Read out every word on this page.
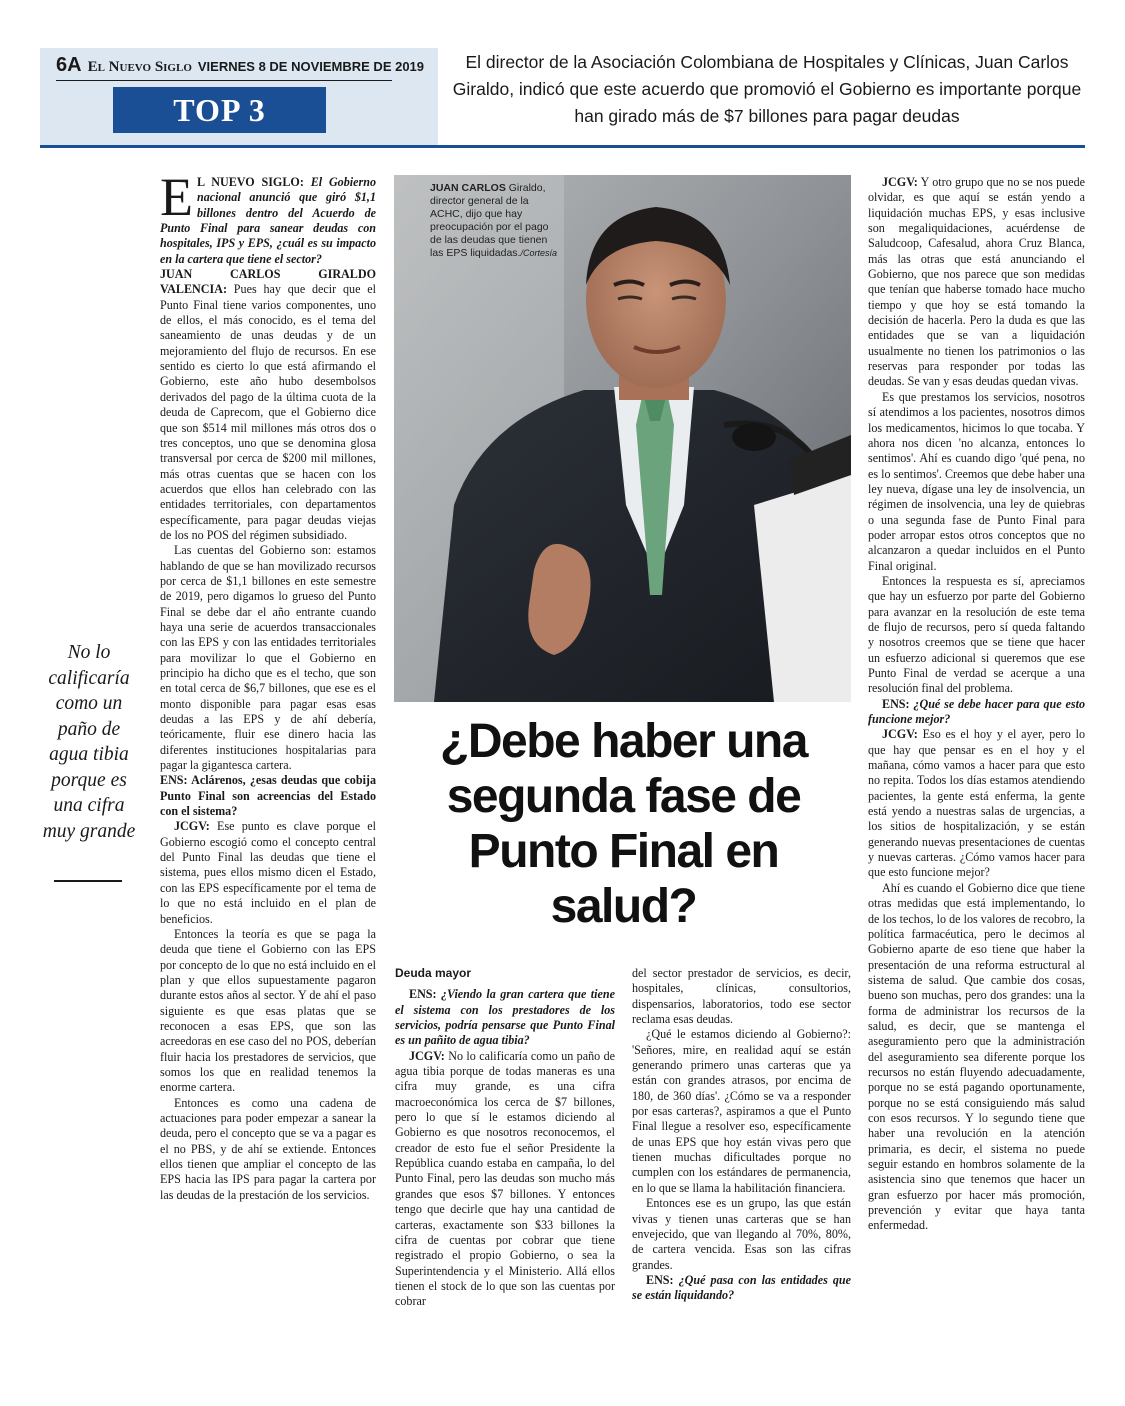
6A El Nuevo Siglo VIERNES 8 DE NOVIEMBRE DE 2019
TOP 3
El director de la Asociación Colombiana de Hospitales y Clínicas, Juan Carlos Giraldo, indicó que este acuerdo que promovió el Gobierno es importante porque han girado más de $7 billones para pagar deudas

E L NUEVO SIGLO: El Gobierno nacional anunció que giró $1,1 billones dentro del Acuerdo de Punto Final para sanear deudas con hospitales, IPS y EPS, ¿cuál es su impacto en la cartera que tiene el sector?

JUAN CARLOS GIRALDO VALENCIA: Pues hay que decir que el Punto Final tiene varios componentes, uno de ellos, el más conocido, es el tema del saneamiento de unas deudas y de un mejoramiento del flujo de recursos. En ese sentido es cierto lo que está afirmando el Gobierno, este año hubo desembolsos derivados del pago de la última cuota de la deuda de Caprecom, que el Gobierno dice que son $514 mil millones más otros dos o tres conceptos, uno que se denomina glosa transversal por cerca de $200 mil millones, más otras cuentas que se hacen con los acuerdos que ellos han celebrado con las entidades territoriales, con departamentos específicamente, para pagar deudas viejas de los no POS del régimen subsidiado.

Las cuentas del Gobierno son: estamos hablando de que se han movilizado recursos por cerca de $1,1 billones en este semestre de 2019, pero digamos lo grueso del Punto Final se debe dar el año entrante cuando haya una serie de acuerdos transaccionales con las EPS y con las entidades territoriales para movilizar lo que el Gobierno en principio ha dicho que es el techo, que son en total cerca de $6,7 billones, que ese es el monto disponible para pagar esas esas deudas a las EPS y de ahí debería, teóricamente, fluir ese dinero hacia las diferentes instituciones hospitalarias para pagar la gigantesca cartera.

ENS: Aclárenos, ¿esas deudas que cobija Punto Final son acreencias del Estado con el sistema?

JCGV: Ese punto es clave porque el Gobierno escogió como el concepto central del Punto Final las deudas que tiene el sistema, pues ellos mismo dicen el Estado, con las EPS específicamente por el tema de lo que no está incluido en el plan de beneficios.

Entonces la teoría es que se paga la deuda que tiene el Gobierno con las EPS por concepto de lo que no está incluido en el plan y que ellos supuestamente pagaron durante estos años al sector. Y de ahí el paso siguiente es que esas platas que se reconocen a esas EPS, que son las acreedoras en ese caso del no POS, deberían fluir hacia los prestadores de servicios, que somos los que en realidad tenemos la enorme cartera.

Entonces es como una cadena de actuaciones para poder empezar a sanear la deuda, pero el concepto que se va a pagar es el no PBS, y de ahí se extiende. Entonces ellos tienen que ampliar el concepto de las EPS hacia las IPS para pagar la cartera por las deudas de la prestación de los servicios.

No lo calificaría como un paño de agua tibia porque es una cifra muy grande
JUAN CARLOS Giraldo, director general de la ACHC, dijo que hay preocupación por el pago de las deudas que tienen las EPS liquidadas./Cortesía
¿Debe haber una segunda fase de Punto Final en salud?

Deuda mayor

ENS: ¿Viendo la gran cartera que tiene el sistema con los prestadores de los servicios, podría pensarse que Punto Final es un pañito de agua tibia?

JCGV: No lo calificaría como un paño de agua tibia porque de todas maneras es una cifra muy grande, es una cifra macroeconómica los cerca de $7 billones, pero lo que sí le estamos diciendo al Gobierno es que nosotros reconocemos, el creador de esto fue el señor Presidente la República cuando estaba en campaña, lo del Punto Final, pero las deudas son mucho más grandes que esos $7 billones. Y entonces tengo que decirle que hay una cantidad de carteras, exactamente son $33 billones la cifra de cuentas por cobrar que tiene registrado el propio Gobierno, o sea la Superintendencia y el Ministerio. Allá ellos tienen el stock de lo que son las cuentas por cobrar

del sector prestador de servicios, es decir, hospitales, clínicas, consultorios, dispensarios, laboratorios, todo ese sector reclama esas deudas.

¿Qué le estamos diciendo al Gobierno?: 'Señores, mire, en realidad aquí se están generando primero unas carteras que ya están con grandes atrasos, por encima de 180, de 360 días'. ¿Cómo se va a responder por esas carteras?, aspiramos a que el Punto Final llegue a resolver eso, específicamente de unas EPS que hoy están vivas pero que tienen muchas dificultades porque no cumplen con los estándares de permanencia, en lo que se llama la habilitación financiera.

Entonces ese es un grupo, las que están vivas y tienen unas carteras que se han envejecido, que van llegando al 70%, 80%, de cartera vencida. Esas son las cifras grandes.

ENS: ¿Qué pasa con las entidades que se están liquidando?

JCGV: Y otro grupo que no se nos puede olvidar, es que aquí se están yendo a liquidación muchas EPS, y esas inclusive son megaliquidaciones, acuérdense de Saludcoop, Cafesalud, ahora Cruz Blanca, más las otras que está anunciando el Gobierno, que nos parece que son medidas que tenían que haberse tomado hace mucho tiempo y que hoy se está tomando la decisión de hacerla. Pero la duda es que las entidades que se van a liquidación usualmente no tienen los patrimonios o las reservas para responder por todas las deudas. Se van y esas deudas quedan vivas.

Es que prestamos los servicios, nosotros sí atendimos a los pacientes, nosotros dimos los medicamentos, hicimos lo que tocaba. Y ahora nos dicen 'no alcanza, entonces lo sentimos'. Ahí es cuando digo 'qué pena, no es lo sentimos'. Creemos que debe haber una ley nueva, dígase una ley de insolvencia, un régimen de insolvencia, una ley de quiebras o una segunda fase de Punto Final para poder arropar estos otros conceptos que no alcanzaron a quedar incluidos en el Punto Final original.

Entonces la respuesta es sí, apreciamos que hay un esfuerzo por parte del Gobierno para avanzar en la resolución de este tema de flujo de recursos, pero sí queda faltando y nosotros creemos que se tiene que hacer un esfuerzo adicional si queremos que ese Punto Final de verdad se acerque a una resolución final del problema.

ENS: ¿Qué se debe hacer para que esto funcione mejor?

JCGV: Eso es el hoy y el ayer, pero lo que hay que pensar es en el hoy y el mañana, cómo vamos a hacer para que esto no repita. Todos los días estamos atendiendo pacientes, la gente está enferma, la gente está yendo a nuestras salas de urgencias, a los sitios de hospitalización, y se están generando nuevas presentaciones de cuentas y nuevas carteras. ¿Cómo vamos hacer para que esto funcione mejor?

Ahí es cuando el Gobierno dice que tiene otras medidas que está implementando, lo de los techos, lo de los valores de recobro, la política farmacéutica, pero le decimos al Gobierno aparte de eso tiene que haber la presentación de una reforma estructural al sistema de salud. Que cambie dos cosas, bueno son muchas, pero dos grandes: una la forma de administrar los recursos de la salud, es decir, que se mantenga el aseguramiento pero que la administración del aseguramiento sea diferente porque los recursos no están fluyendo adecuadamente, porque no se está pagando oportunamente, porque no se está consiguiendo más salud con esos recursos. Y lo segundo tiene que haber una revolución en la atención primaria, es decir, el sistema no puede seguir estando en hombros solamente de la asistencia sino que tenemos que hacer un gran esfuerzo por hacer más promoción, prevención y evitar que haya tanta enfermedad.
